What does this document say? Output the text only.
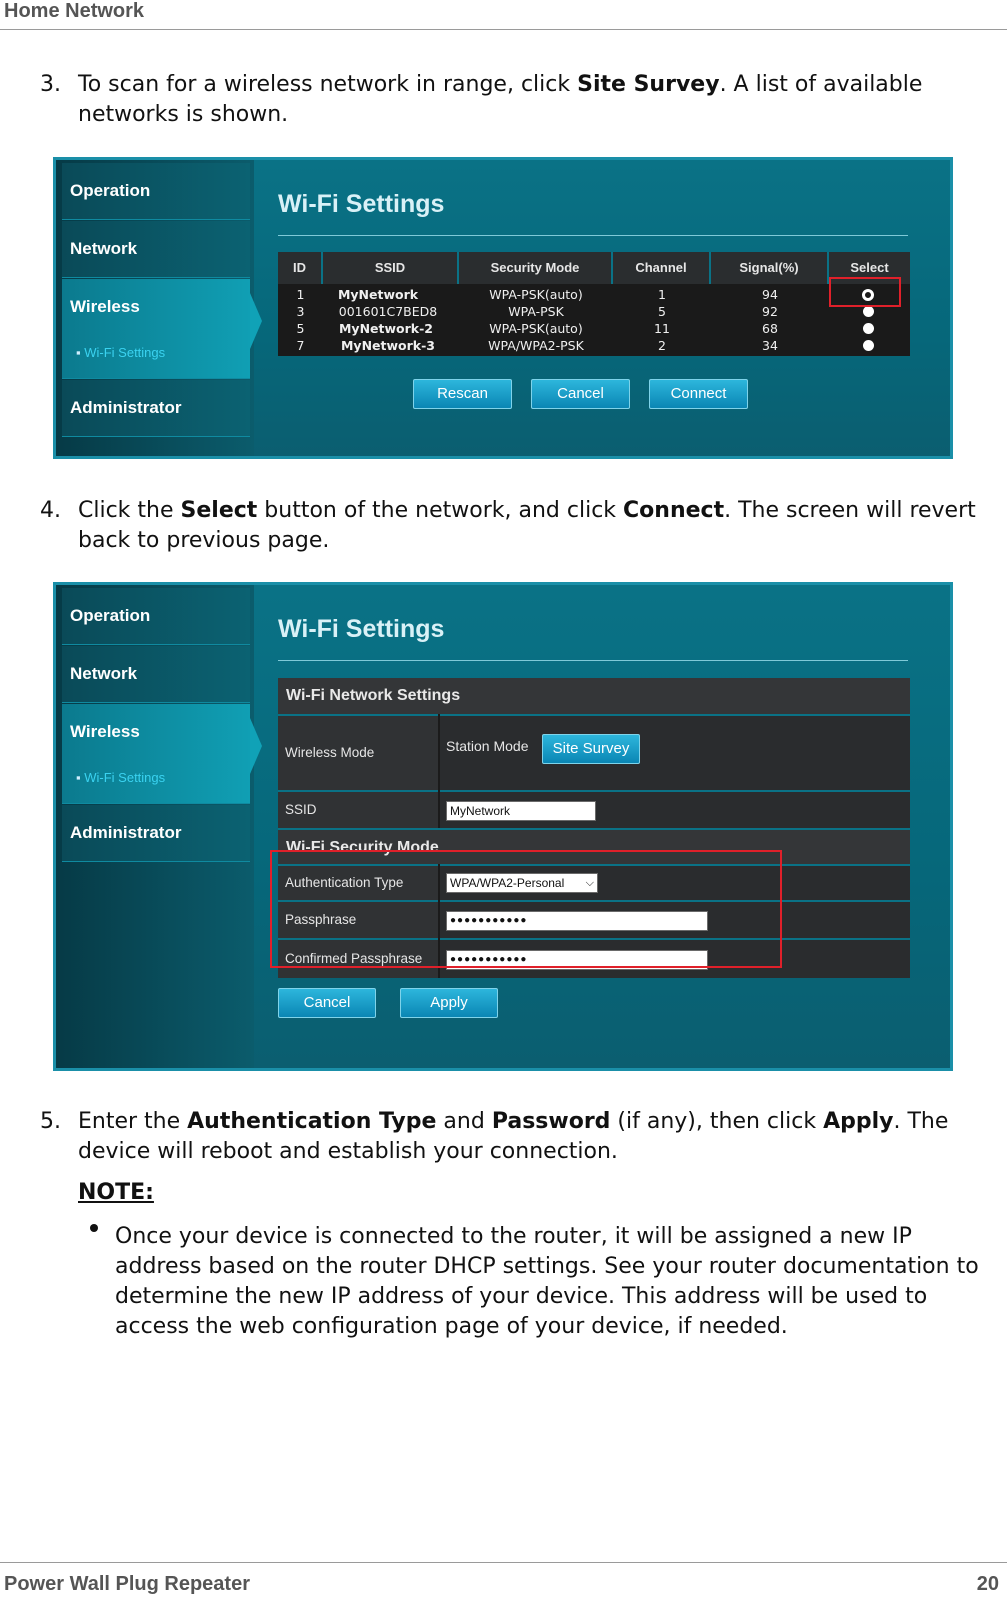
Home Network
3. To scan for a wireless network in range, click Site Survey. A list of available networks is shown.
Operation
Network
Wireless
▪ Wi-Fi Settings
Administrator
Wi-Fi Settings
ID	SSID	Security Mode	Channel	Signal(%)	Select
1	MyNetwork	WPA-PSK(auto)	1	94
3	001601C7BED8	WPA-PSK	5	92
5	MyNetwork-2	WPA-PSK(auto)	11	68
7	MyNetwork-3	WPA/WPA2-PSK	2	34
Rescan	Cancel	Connect
4. Click the Select button of the network, and click Connect. The screen will revert back to previous page.
Operation
Network
Wireless
▪ Wi-Fi Settings
Administrator
Wi-Fi Settings
Wi-Fi Network Settings
Wireless Mode	Station Mode	Site Survey
SSID	MyNetwork
Wi-Fi Security Mode
Authentication Type	WPA/WPA2-Personal ⌵
Passphrase	●●●●●●●●●●●
Confirmed Passphrase	●●●●●●●●●●●
Cancel	Apply
5. Enter the Authentication Type and Password (if any), then click Apply. The device will reboot and establish your connection.
NOTE:
Once your device is connected to the router, it will be assigned a new IP address based on the router DHCP settings. See your router documentation to determine the new IP address of your device. This address will be used to access the web configuration page of your device, if needed.
Power Wall Plug Repeater	20
